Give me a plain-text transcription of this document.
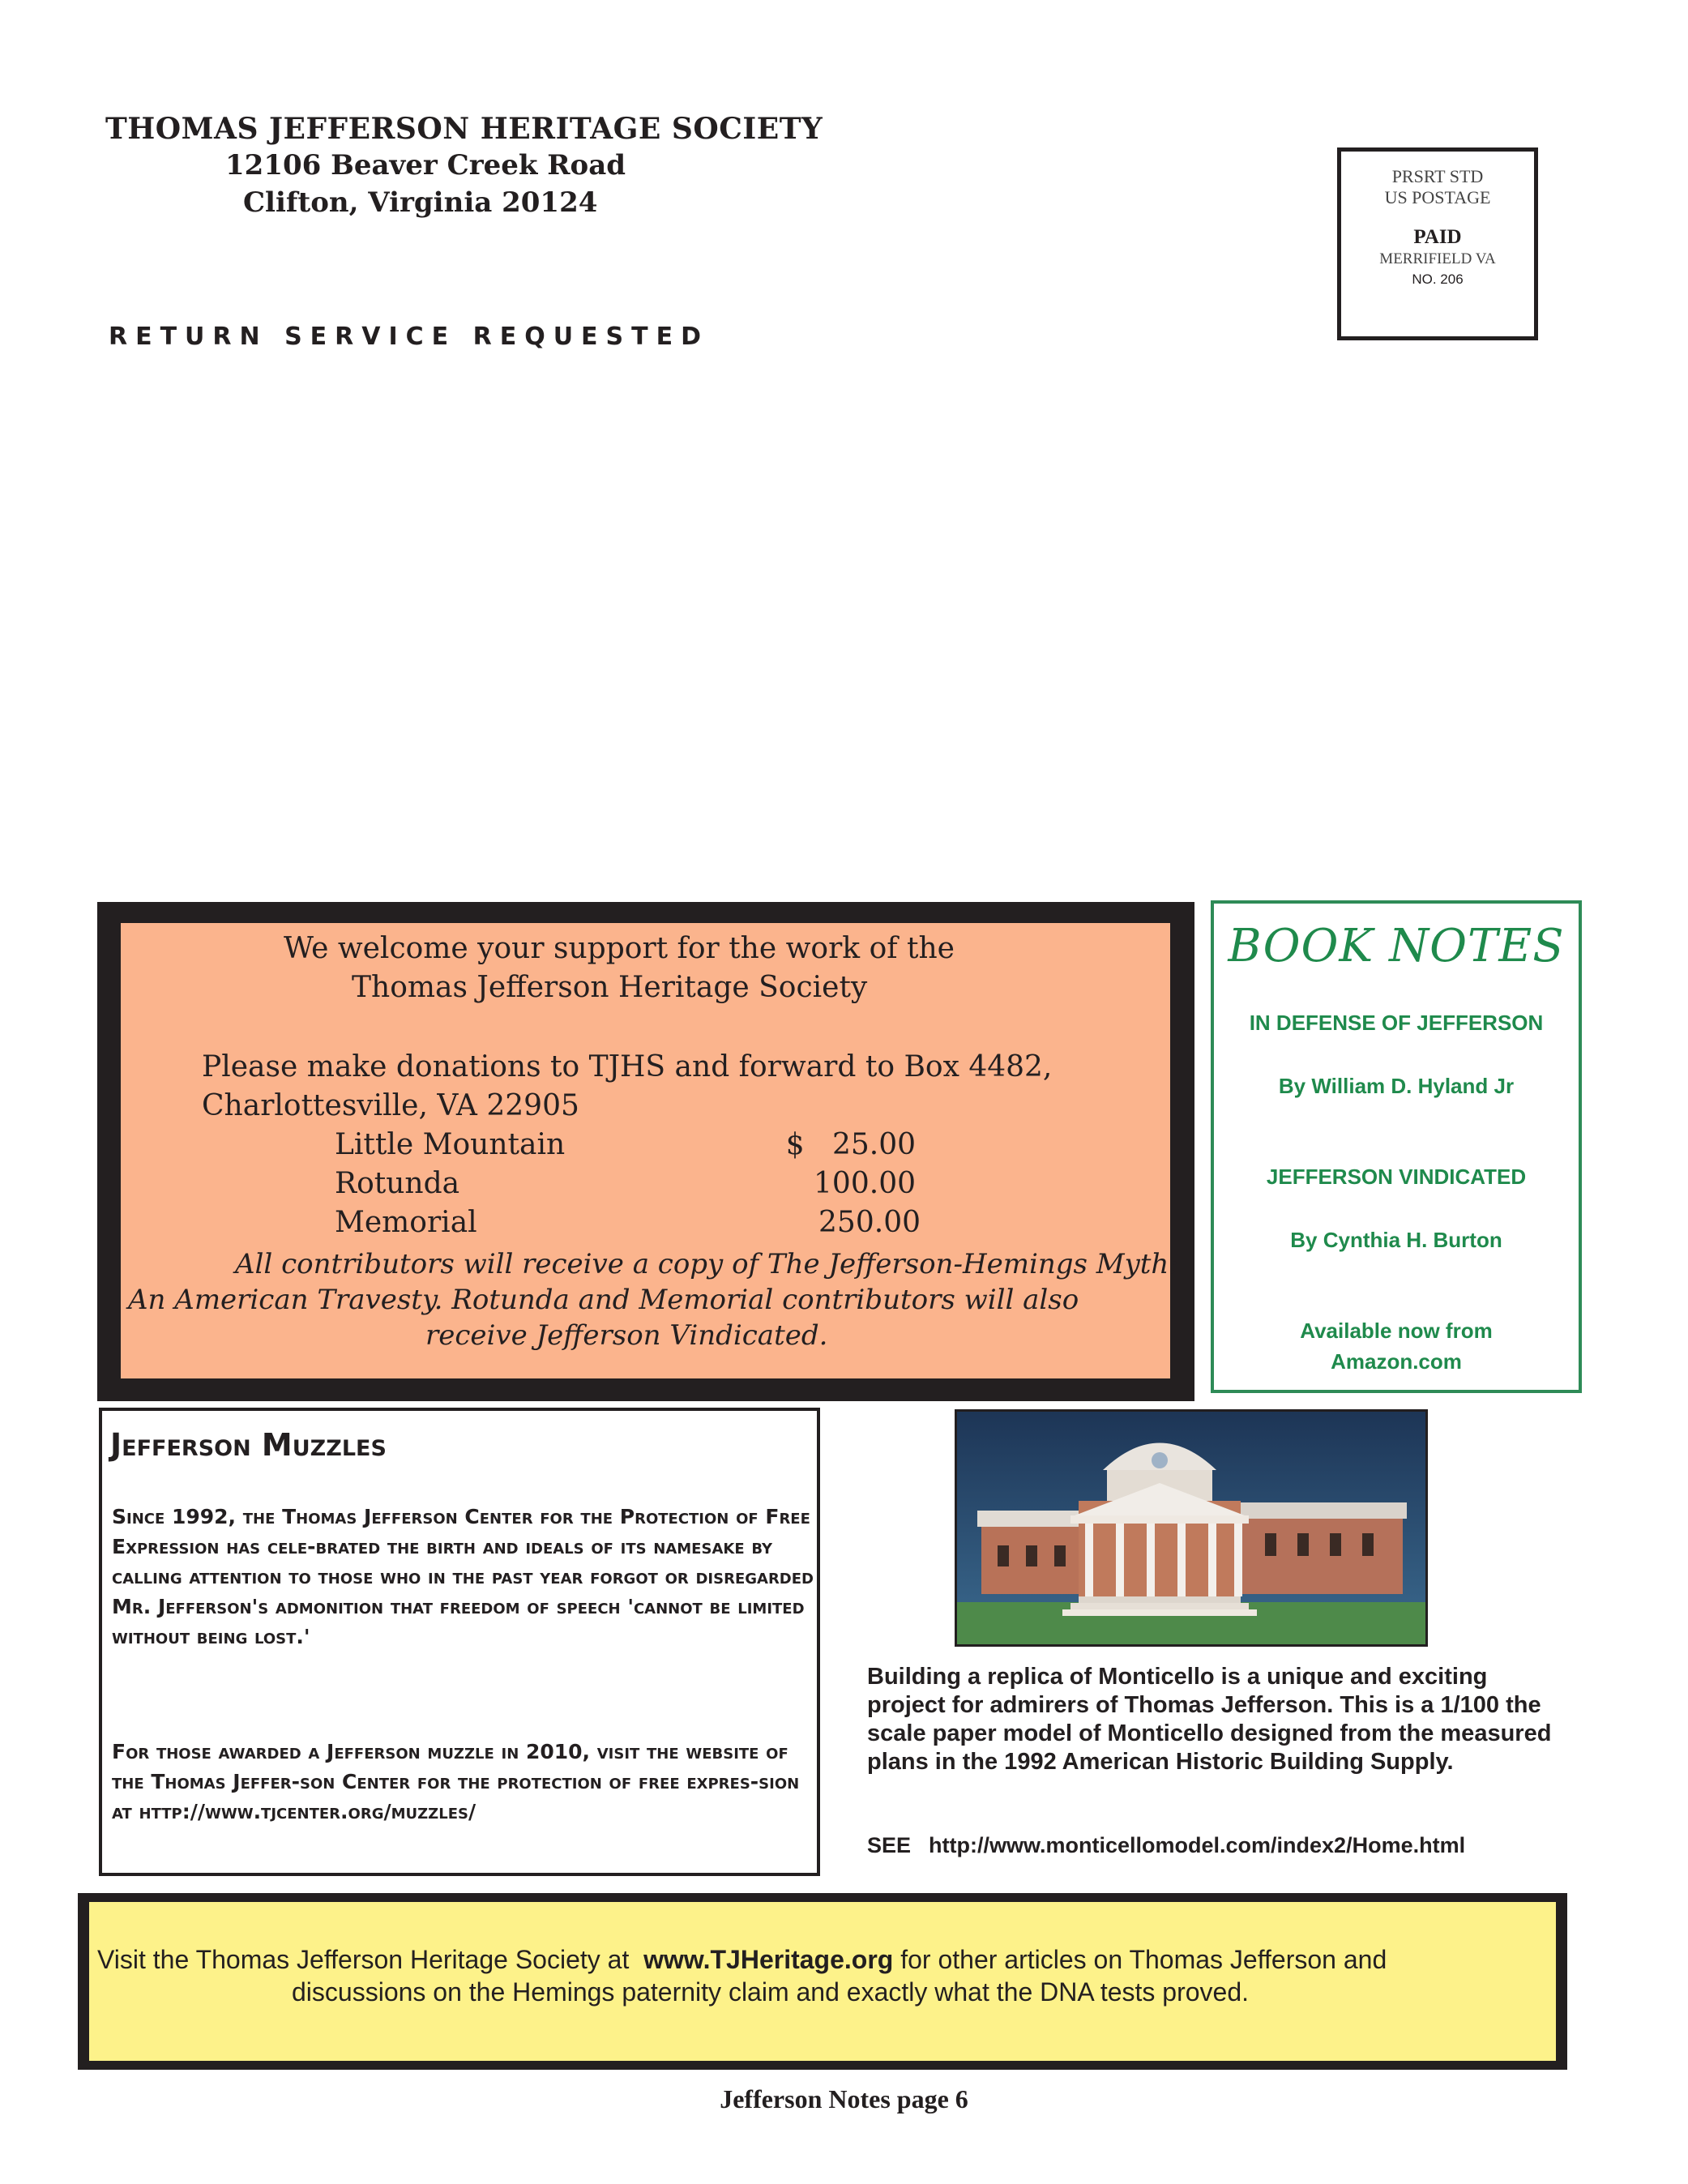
THOMAS JEFFERSON HERITAGE SOCIETY
12106 Beaver Creek Road
Clifton, Virginia 20124
RETURN SERVICE REQUESTED
PRSRT STD
US POSTAGE
PAID
MERRIFIELD VA
NO. 206
We welcome your support for the work of the
Thomas Jefferson Heritage Society
Please make donations to TJHS and forward to Box 4482,
Charlottesville, VA 22905
Little Mountain	$   25.00
Rotunda	100.00
Memorial	250.00
All contributors will receive a copy of The Jefferson-Hemings Myth:
An American Travesty. Rotunda and Memorial contributors will also
receive Jefferson Vindicated.
BOOK NOTES
IN DEFENSE OF JEFFERSON
By William D. Hyland Jr
JEFFERSON VINDICATED
By Cynthia H. Burton
Available now from
Amazon.com
Jefferson Muzzles
Since 1992, the Thomas Jefferson Center for the Protection of Free Expression has cele-brated the birth and ideals of its namesake by calling attention to those who in the past year forgot or disregarded Mr. Jefferson's admonition that freedom of speech 'cannot be limited without being lost.'
For those awarded a Jefferson muzzle in 2010, visit the website of the Thomas Jeffer-son Center for the protection of free expres-sion at http://www.tjcenter.org/muzzles/
Building a replica of Monticello is a unique and exciting project for admirers of Thomas Jefferson. This is a 1/100 the scale paper model of Monticello designed from the measured plans in the 1992 American Historic Building Supply.
SEE http://www.monticellomodel.com/index2/Home.html
Visit the Thomas Jefferson Heritage Society at  www.TJHeritage.org for other articles on Thomas Jefferson and
discussions on the Hemings paternity claim and exactly what the DNA tests proved.
Jefferson Notes page 6
